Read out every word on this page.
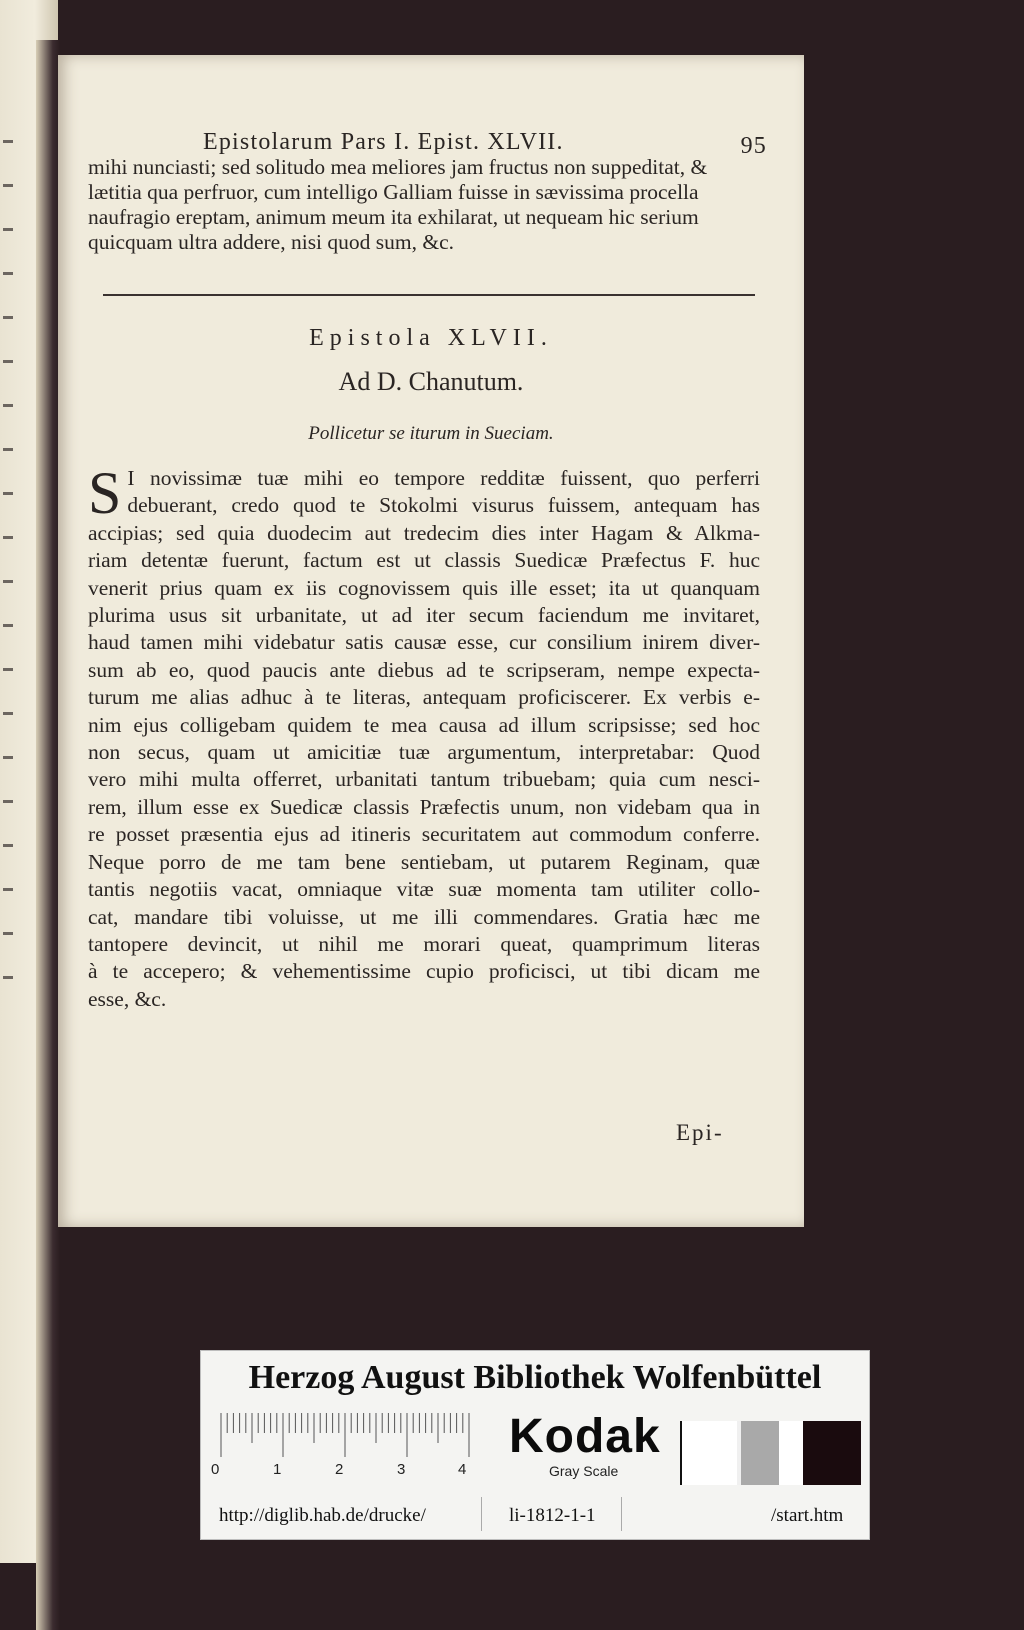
Epistolarum Pars I. Epist. XLVII.	95
mihi nunciasti; sed solitudo mea meliores jam fructus non suppeditat, &
lætitia qua perfruor, cum intelligo Galliam fuisse in sævissima procella
naufragio ereptam, animum meum ita exhilarat, ut nequeam hic serium
quicquam ultra addere, nisi quod sum, &c.
Epistola XLVII.
Ad D. Chanutum.
Pollicetur se iturum in Sueciam.
S I novissimæ tuæ mihi eo tempore redditæ fuissent, quo perferri
debuerant, credo quod te Stokolmi visurus fuissem, antequam has
accipias; sed quia duodecim aut tredecim dies inter Hagam & Alkma-
riam detentæ fuerunt, factum est ut classis Suedicæ Præfectus F. huc
venerit prius quam ex iis cognovissem quis ille esset; ita ut quanquam
plurima usus sit urbanitate, ut ad iter secum faciendum me invitaret,
haud tamen mihi videbatur satis causæ esse, cur consilium inirem diver-
sum ab eo, quod paucis ante diebus ad te scripseram, nempe expecta-
turum me alias adhuc à te literas, antequam proficiscerer. Ex verbis e-
nim ejus colligebam quidem te mea causa ad illum scripsisse; sed hoc
non secus, quam ut amicitiæ tuæ argumentum, interpretabar: Quod
vero mihi multa offerret, urbanitati tantum tribuebam; quia cum nesci-
rem, illum esse ex Suedicæ classis Præfectis unum, non videbam qua in
re posset præsentia ejus ad itineris securitatem aut commodum conferre.
Neque porro de me tam bene sentiebam, ut putarem Reginam, quæ
tantis negotiis vacat, omniaque vitæ suæ momenta tam utiliter collo-
cat, mandare tibi voluisse, ut me illi commendares. Gratia hæc me
tantopere devincit, ut nihil me morari queat, quamprimum literas
à te accepero; & vehementissime cupio proficisci, ut tibi dicam me
esse, &c.
Epi-
Herzog August Bibliothek Wolfenbüttel
0	1	2	3	4
Kodak
Gray Scale
http://diglib.hab.de/drucke/	li-1812-1-1	/start.htm
